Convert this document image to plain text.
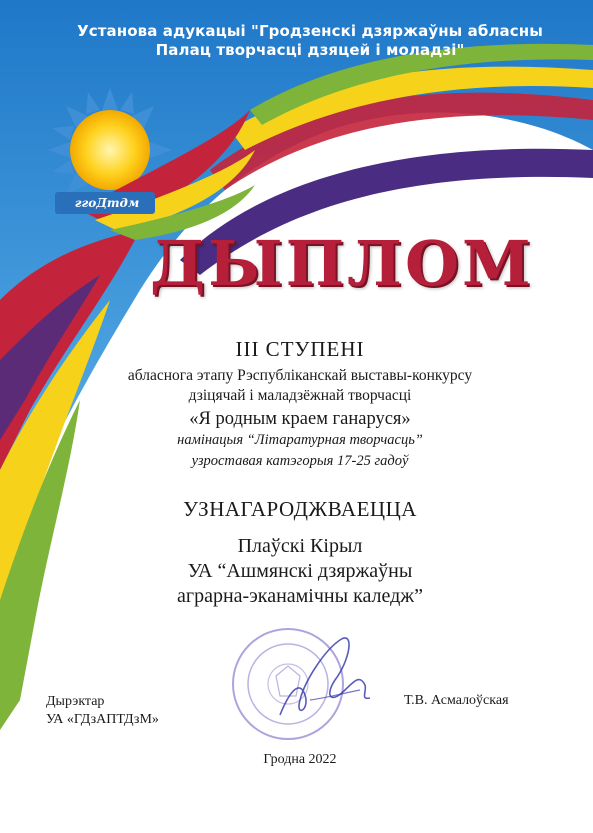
Установа адукацыі "Гродзенскі дзяржаўны абласны
Палац творчасці дзяцей і моладзі"
ггоДтдм
ДЫПЛОМ
ІІІ СТУПЕНІ
абласнога этапу Рэспубліканскай выставы-конкурсу
дзіцячай і маладзёжнай творчасці
«Я родным краем ганаруся»
намінацыя “Літаратурная творчасць”
узроставая катэгорыя 17-25 гадоў
УЗНАГАРОДЖВАЕЦЦА
Плаўскі Кірыл
УА “Ашмянскі дзяржаўны
аграрна-эканамічны каледж”
Дырэктар
УА «ГДзАПТДзМ»
Т.В. Асмалоўская
Гродна 2022
